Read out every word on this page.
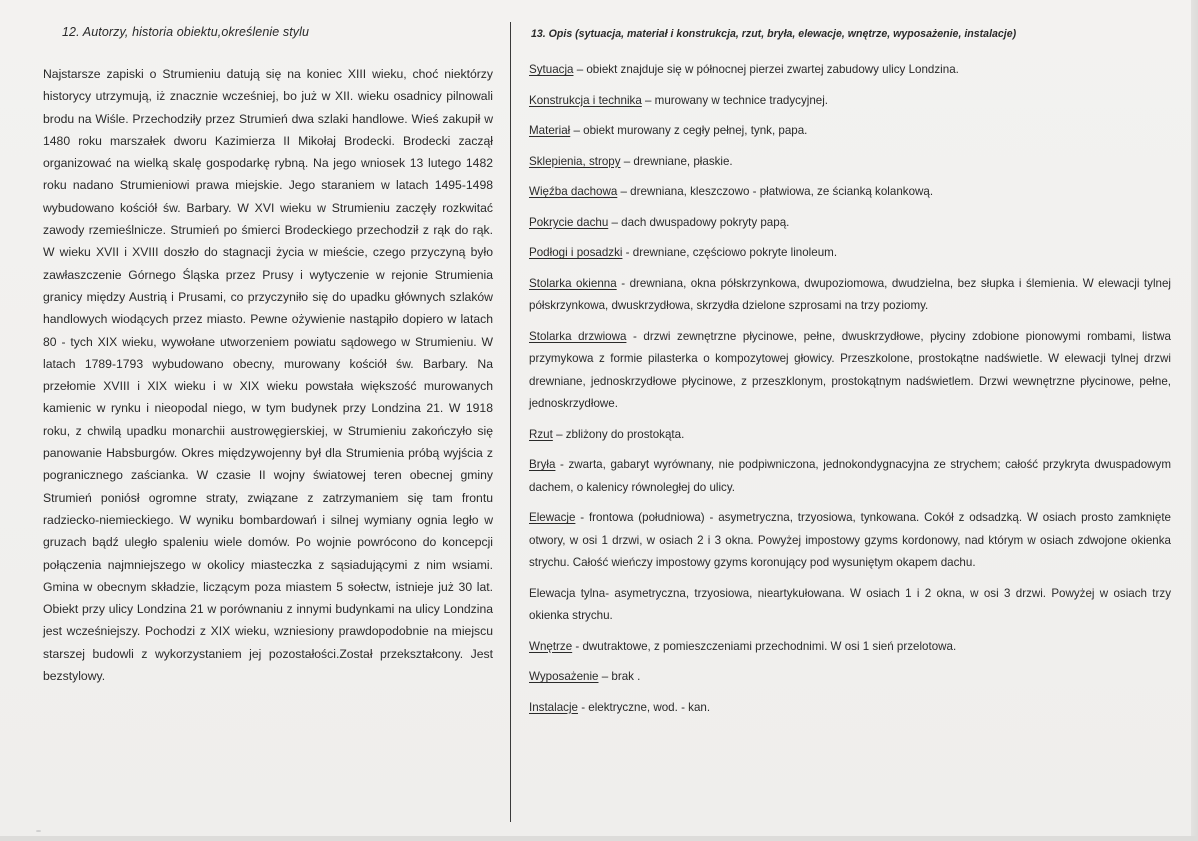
12. Autorzy, historia obiektu,określenie stylu

Najstarsze zapiski o Strumieniu datują się na koniec XIII wieku, choć niektórzy historycy utrzymują, iż znacznie wcześniej, bo już w XII. wieku osadnicy pilnowali brodu na Wiśle. Przechodziły przez Strumień dwa szlaki handlowe. Wieś zakupił w 1480 roku marszałek dworu Kazimierza II Mikołaj Brodecki. Brodecki zaczął organizować na wielką skalę gospodarkę rybną. Na jego wniosek 13 lutego 1482 roku nadano Strumieniowi prawa miejskie. Jego staraniem w latach 1495-1498 wybudowano kościół św. Barbary. W XVI wieku w Strumieniu zaczęły rozkwitać zawody rzemieślnicze. Strumień po śmierci Brodeckiego przechodził z rąk do rąk. W wieku XVII i XVIII doszło do stagnacji życia w mieście, czego przyczyną było zawłaszczenie Górnego Śląska przez Prusy i wytyczenie w rejonie Strumienia granicy między Austrią i Prusami, co przyczyniło się do upadku głównych szlaków handlowych wiodących przez miasto. Pewne ożywienie nastąpiło dopiero w latach 80 - tych XIX wieku, wywołane utworzeniem powiatu sądowego w Strumieniu. W latach 1789-1793 wybudowano obecny, murowany kościół św. Barbary. Na przełomie XVIII i XIX wieku i w XIX wieku powstała większość murowanych kamienic w rynku i nieopodal niego, w tym budynek przy Londzina 21. W 1918 roku, z chwilą upadku monarchii austrowęgierskiej, w Strumieniu zakończyło się panowanie Habsburgów. Okres międzywojenny był dla Strumienia próbą wyjścia z pogranicznego zaścianka. W czasie II wojny światowej teren obecnej gminy Strumień poniósł ogromne straty, związane z zatrzymaniem się tam frontu radziecko-niemieckiego. W wyniku bombardowań i silnej wymiany ognia legło w gruzach bądź uległo spaleniu wiele domów. Po wojnie powrócono do koncepcji połączenia najmniejszego w okolicy miasteczka z sąsiadującymi z nim wsiami. Gmina w obecnym składzie, liczącym poza miastem 5 sołectw, istnieje już 30 lat. Obiekt przy ulicy Londzina 21 w porównaniu z innymi budynkami na ulicy Londzina jest wcześniejszy. Pochodzi z XIX wieku, wzniesiony prawdopodobnie na miejscu starszej budowli z wykorzystaniem jej pozostałości.Został przekształcony. Jest bezstylowy.

13. Opis (sytuacja, materiał i konstrukcja, rzut, bryła, elewacje, wnętrze, wyposażenie, instalacje)

Sytuacja – obiekt znajduje się w północnej pierzei zwartej zabudowy ulicy Londzina.

Konstrukcja i technika – murowany w technice tradycyjnej.

Materiał – obiekt murowany z cegły pełnej, tynk, papa.

Sklepienia, stropy – drewniane, płaskie.

Więźba dachowa – drewniana, kleszczowo - płatwiowa, ze ścianką kolankową.

Pokrycie dachu – dach dwuspadowy pokryty papą.

Podłogi i posadzki - drewniane, częściowo pokryte linoleum.

Stolarka okienna - drewniana, okna półskrzynkowa, dwupoziomowa, dwudzielna, bez słupka i ślemienia. W elewacji tylnej półskrzynkowa, dwuskrzydłowa, skrzydła dzielone szprosami na trzy poziomy.

Stolarka drzwiowa - drzwi zewnętrzne płycinowe, pełne, dwuskrzydłowe, płyciny zdobione pionowymi rombami, listwa przymykowa z formie pilasterka o kompozytowej głowicy. Przeszkolone, prostokątne nadświetle. W elewacji tylnej drzwi drewniane, jednoskrzydłowe płycinowe, z przeszklonym, prostokątnym nadświetlem. Drzwi wewnętrzne płycinowe, pełne, jednoskrzydłowe.

Rzut – zbliżony do prostokąta.

Bryła - zwarta, gabaryt wyrównany, nie podpiwniczona, jednokondygnacyjna ze strychem; całość przykryta dwuspadowym dachem, o kalenicy równoległej do ulicy.

Elewacje - frontowa (południowa) - asymetryczna, trzyosiowa, tynkowana. Cokół z odsadzką. W osiach prosto zamknięte otwory, w osi 1 drzwi, w osiach 2 i 3 okna. Powyżej impostowy gzyms kordonowy, nad którym w osiach zdwojone okienka strychu. Całość wieńczy impostowy gzyms koronujący pod wysuniętym okapem dachu.

Elewacja tylna- asymetryczna, trzyosiowa, nieartykułowana. W osiach 1 i 2 okna, w osi 3 drzwi. Powyżej w osiach trzy okienka strychu.

Wnętrze - dwutraktowe, z pomieszczeniami przechodnimi. W osi 1 sień przelotowa.

Wyposażenie – brak .

Instalacje - elektryczne, wod. - kan.
